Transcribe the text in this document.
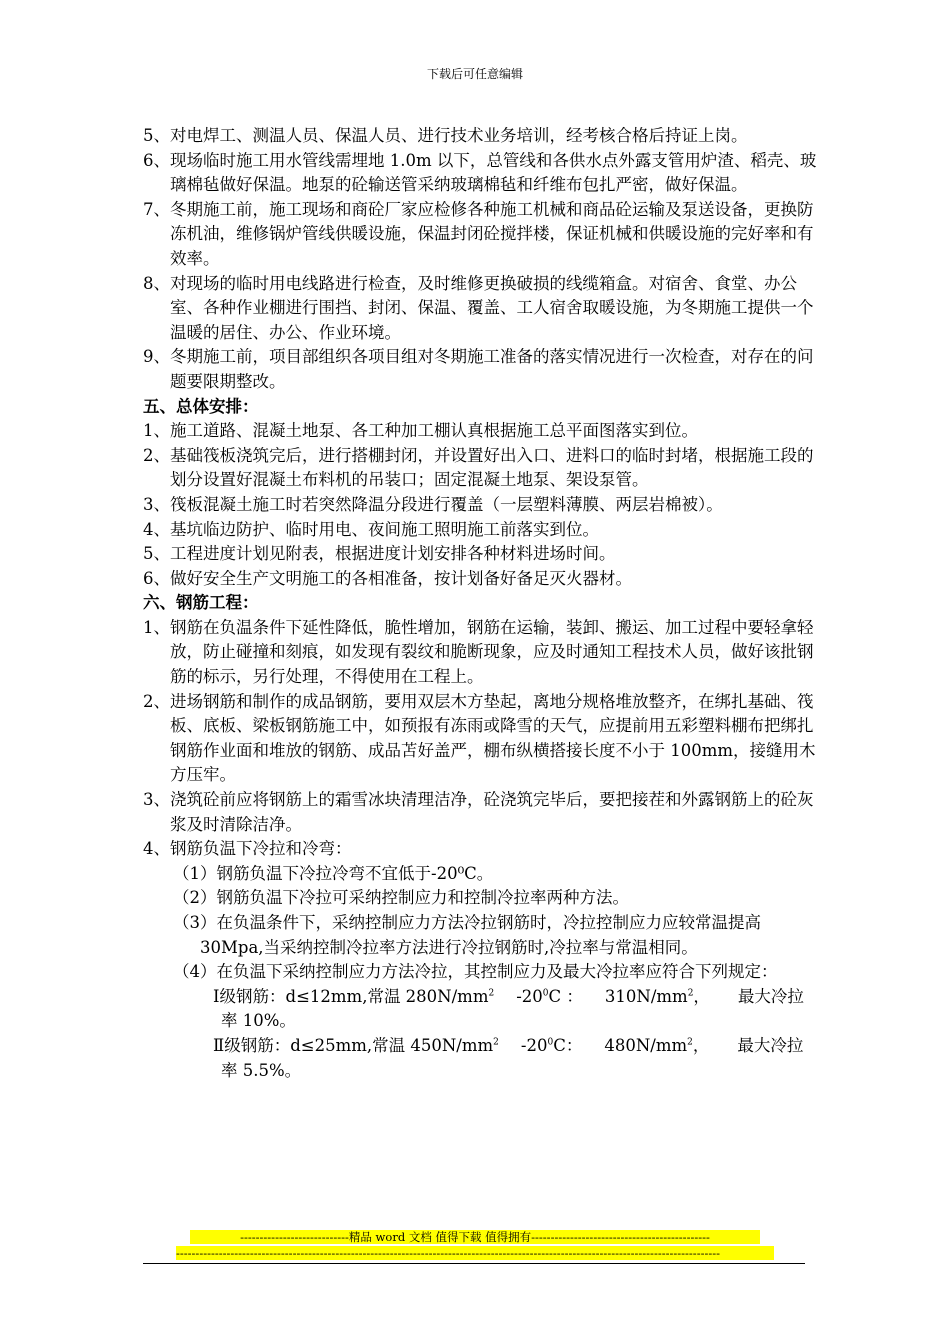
下载后可任意编辑
5、对电焊工、测温人员、保温人员、进行技术业务培训，经考核合格后持证上岗。
6、现场临时施工用水管线需埋地 1.0m 以下，总管线和各供水点外露支管用炉渣、稻壳、玻璃棉毡做好保温。地泵的砼输送管采纳玻璃棉毡和纤维布包扎严密，做好保温。
7、冬期施工前，施工现场和商砼厂家应检修各种施工机械和商品砼运输及泵送设备，更换防冻机油，维修锅炉管线供暖设施，保温封闭砼搅拌楼，保证机械和供暖设施的完好率和有效率。
8、对现场的临时用电线路进行检查，及时维修更换破损的线缆箱盒。对宿舍、食堂、办公室、各种作业棚进行围挡、封闭、保温、覆盖、工人宿舍取暖设施，为冬期施工提供一个温暖的居住、办公、作业环境。
9、冬期施工前，项目部组织各项目组对冬期施工准备的落实情况进行一次检查，对存在的问题要限期整改。
五、总体安排：
1、施工道路、混凝土地泵、各工种加工棚认真根据施工总平面图落实到位。
2、基础筏板浇筑完后，进行搭棚封闭，并设置好出入口、进料口的临时封堵，根据施工段的划分设置好混凝土布料机的吊装口；固定混凝土地泵、架设泵管。
3、筏板混凝土施工时若突然降温分段进行覆盖（一层塑料薄膜、两层岩棉被）。
4、基坑临边防护、临时用电、夜间施工照明施工前落实到位。
5、工程进度计划见附表，根据进度计划安排各种材料进场时间。
6、做好安全生产文明施工的各相准备，按计划备好备足灭火器材。
六、钢筋工程：
1、钢筋在负温条件下延性降低，脆性增加，钢筋在运输，装卸、搬运、加工过程中要轻拿轻放，防止碰撞和刻痕，如发现有裂纹和脆断现象，应及时通知工程技术人员，做好该批钢筋的标示，另行处理，不得使用在工程上。
2、进场钢筋和制作的成品钢筋，要用双层木方垫起，离地分规格堆放整齐，在绑扎基础、筏板、底板、梁板钢筋施工中，如预报有冻雨或降雪的天气，应提前用五彩塑料棚布把绑扎钢筋作业面和堆放的钢筋、成品苫好盖严，棚布纵横搭接长度不小于 100mm，接缝用木方压牢。
3、浇筑砼前应将钢筋上的霜雪冰块清理洁净，砼浇筑完毕后，要把接茬和外露钢筋上的砼灰浆及时清除洁净。
4、钢筋负温下冷拉和冷弯：
（1）钢筋负温下冷拉冷弯不宜低于-20⁰C。
（2）钢筋负温下冷拉可采纳控制应力和控制冷拉率两种方法。
（3）在负温条件下，采纳控制应力方法冷拉钢筋时，冷拉控制应力应较常温提高 30Mpa,当采纳控制冷拉率方法进行冷拉钢筋时,冷拉率与常温相同。
（4）在负温下采纳控制应力方法冷拉，其控制应力及最大冷拉率应符合下列规定：
Ⅰ级钢筋：d≤12mm,常温 $280N/mm^2$ $-20^0C$ ： $310N/mm^2$， 最大冷拉率 10%。
Ⅱ级钢筋：d≤25mm,常温 $450N/mm^2$ $-20^0C$： $480N/mm^2$， 最大冷拉率 5.5%。
----------------------------精品 word 文档 值得下载 值得拥有----------------------------------------------
--------------------------------------------------------------------------------------------------------------------------------------------
